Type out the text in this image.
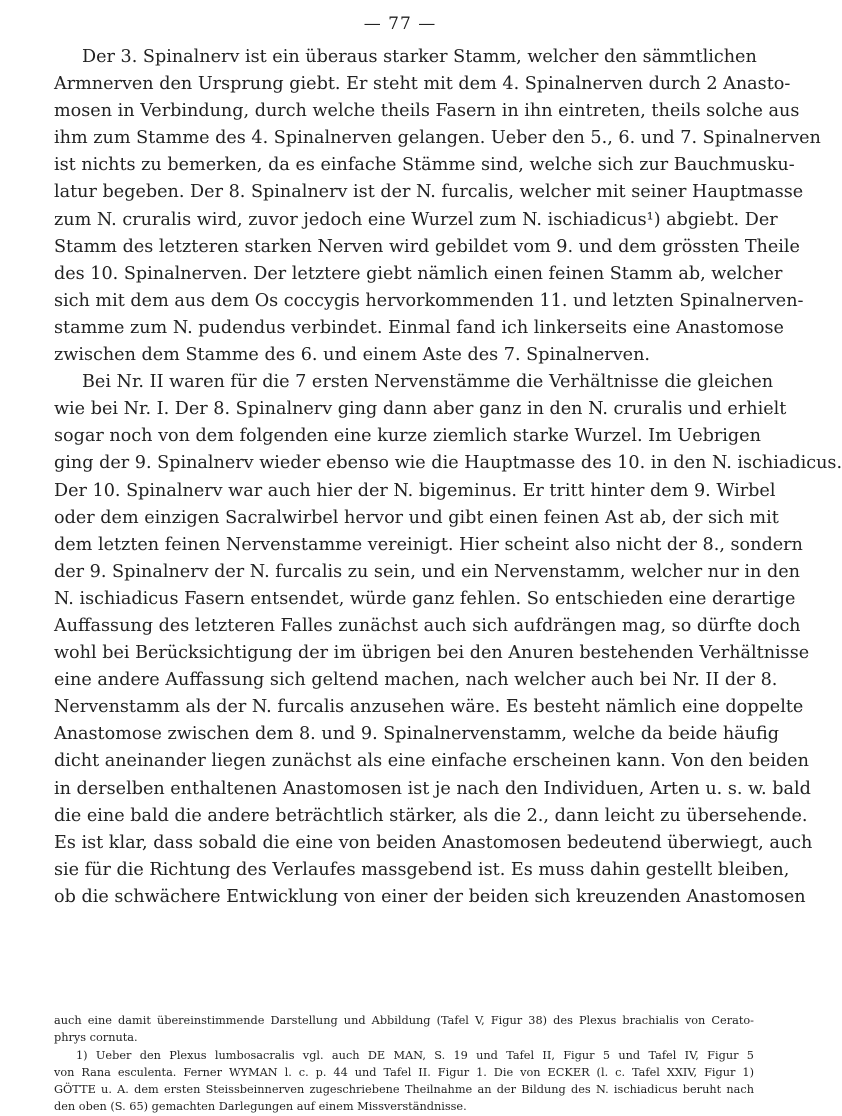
— 77 —
Der 3. Spinalnerv ist ein überaus starker Stamm, welcher den sämmtlichen
Armnerven den Ursprung giebt. Er steht mit dem 4. Spinalnerven durch 2 Anasto-
mosen in Verbindung, durch welche theils Fasern in ihn eintreten, theils solche aus
ihm zum Stamme des 4. Spinalnerven gelangen. Ueber den 5., 6. und 7. Spinalnerven
ist nichts zu bemerken, da es einfache Stämme sind, welche sich zur Bauchmusku-
latur begeben. Der 8. Spinalnerv ist der N. furcalis, welcher mit seiner Hauptmasse
zum N. cruralis wird, zuvor jedoch eine Wurzel zum N. ischiadicus¹) abgiebt. Der
Stamm des letzteren starken Nerven wird gebildet vom 9. und dem grössten Theile
des 10. Spinalnerven. Der letztere giebt nämlich einen feinen Stamm ab, welcher
sich mit dem aus dem Os coccygis hervorkommenden 11. und letzten Spinalnerven-
stamme zum N. pudendus verbindet. Einmal fand ich linkerseits eine Anastomose
zwischen dem Stamme des 6. und einem Aste des 7. Spinalnerven.
Bei Nr. II waren für die 7 ersten Nervenstämme die Verhältnisse die gleichen
wie bei Nr. I. Der 8. Spinalnerv ging dann aber ganz in den N. cruralis und erhielt
sogar noch von dem folgenden eine kurze ziemlich starke Wurzel. Im Uebrigen
ging der 9. Spinalnerv wieder ebenso wie die Hauptmasse des 10. in den N. ischiadicus.
Der 10. Spinalnerv war auch hier der N. bigeminus. Er tritt hinter dem 9. Wirbel
oder dem einzigen Sacralwirbel hervor und gibt einen feinen Ast ab, der sich mit
dem letzten feinen Nervenstamme vereinigt. Hier scheint also nicht der 8., sondern
der 9. Spinalnerv der N. furcalis zu sein, und ein Nervenstamm, welcher nur in den
N. ischiadicus Fasern entsendet, würde ganz fehlen. So entschieden eine derartige
Auffassung des letzteren Falles zunächst auch sich aufdrängen mag, so dürfte doch
wohl bei Berücksichtigung der im übrigen bei den Anuren bestehenden Verhältnisse
eine andere Auffassung sich geltend machen, nach welcher auch bei Nr. II der 8.
Nervenstamm als der N. furcalis anzusehen wäre. Es besteht nämlich eine doppelte
Anastomose zwischen dem 8. und 9. Spinalnervenstamm, welche da beide häufig
dicht aneinander liegen zunächst als eine einfache erscheinen kann. Von den beiden
in derselben enthaltenen Anastomosen ist je nach den Individuen, Arten u. s. w. bald
die eine bald die andere beträchtlich stärker, als die 2., dann leicht zu übersehende.
Es ist klar, dass sobald die eine von beiden Anastomosen bedeutend überwiegt, auch
sie für die Richtung des Verlaufes massgebend ist. Es muss dahin gestellt bleiben,
ob die schwächere Entwicklung von einer der beiden sich kreuzenden Anastomosen
auch eine damit übereinstimmende Darstellung und Abbildung (Tafel V, Figur 38) des Plexus brachialis von Cerato-
phrys cornuta.
1) Ueber den Plexus lumbosacralis vgl. auch DE MAN, S. 19 und Tafel II, Figur 5 und Tafel IV, Figur 5
von Rana esculenta. Ferner WYMAN l. c. p. 44 und Tafel II. Figur 1. Die von ECKER (l. c. Tafel XXIV, Figur 1)
GÖTTE u. A. dem ersten Steissbeinnerven zugeschriebene Theilnahme an der Bildung des N. ischiadicus beruht nach
den oben (S. 65) gemachten Darlegungen auf einem Missverständnisse.
